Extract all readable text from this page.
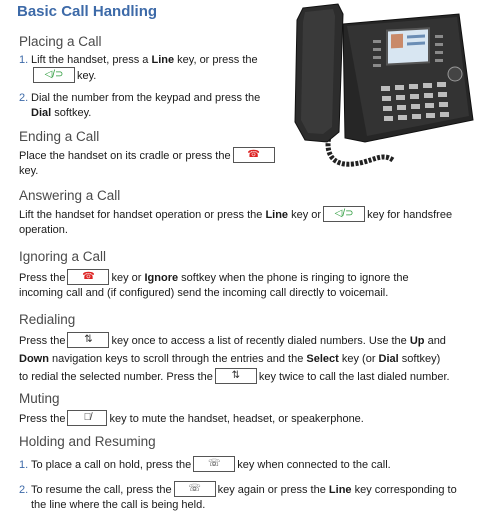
Basic Call Handling
Placing a Call
1. Lift the handset, press a Line key, or press the
◁/⊃ key.
2. Dial the number from the keypad and press the
Dial softkey.
Ending a Call
Place the handset on its cradle or press the ☎
key.
Answering a Call
Lift the handset for handset operation or press the Line key or ◁/⊃ key for handsfree
operation.
Ignoring a Call
Press the ☎ key or Ignore softkey when the phone is ringing to ignore the
incoming call and (if configured) send the incoming call directly to voicemail.
Redialing
Press the ⇅ key once to access a list of recently dialed numbers. Use the Up and
Down navigation keys to scroll through the entries and the Select key (or Dial softkey)
to redial the selected number. Press the ⇅ key twice to call the last dialed number.
Muting
Press the 🎙̸ key to mute the handset, headset, or speakerphone.
Holding and Resuming
1. To place a call on hold, press the ☏ key when connected to the call.
2. To resume the call, press the ☏ key again or press the Line key corresponding to
the line where the call is being held.
